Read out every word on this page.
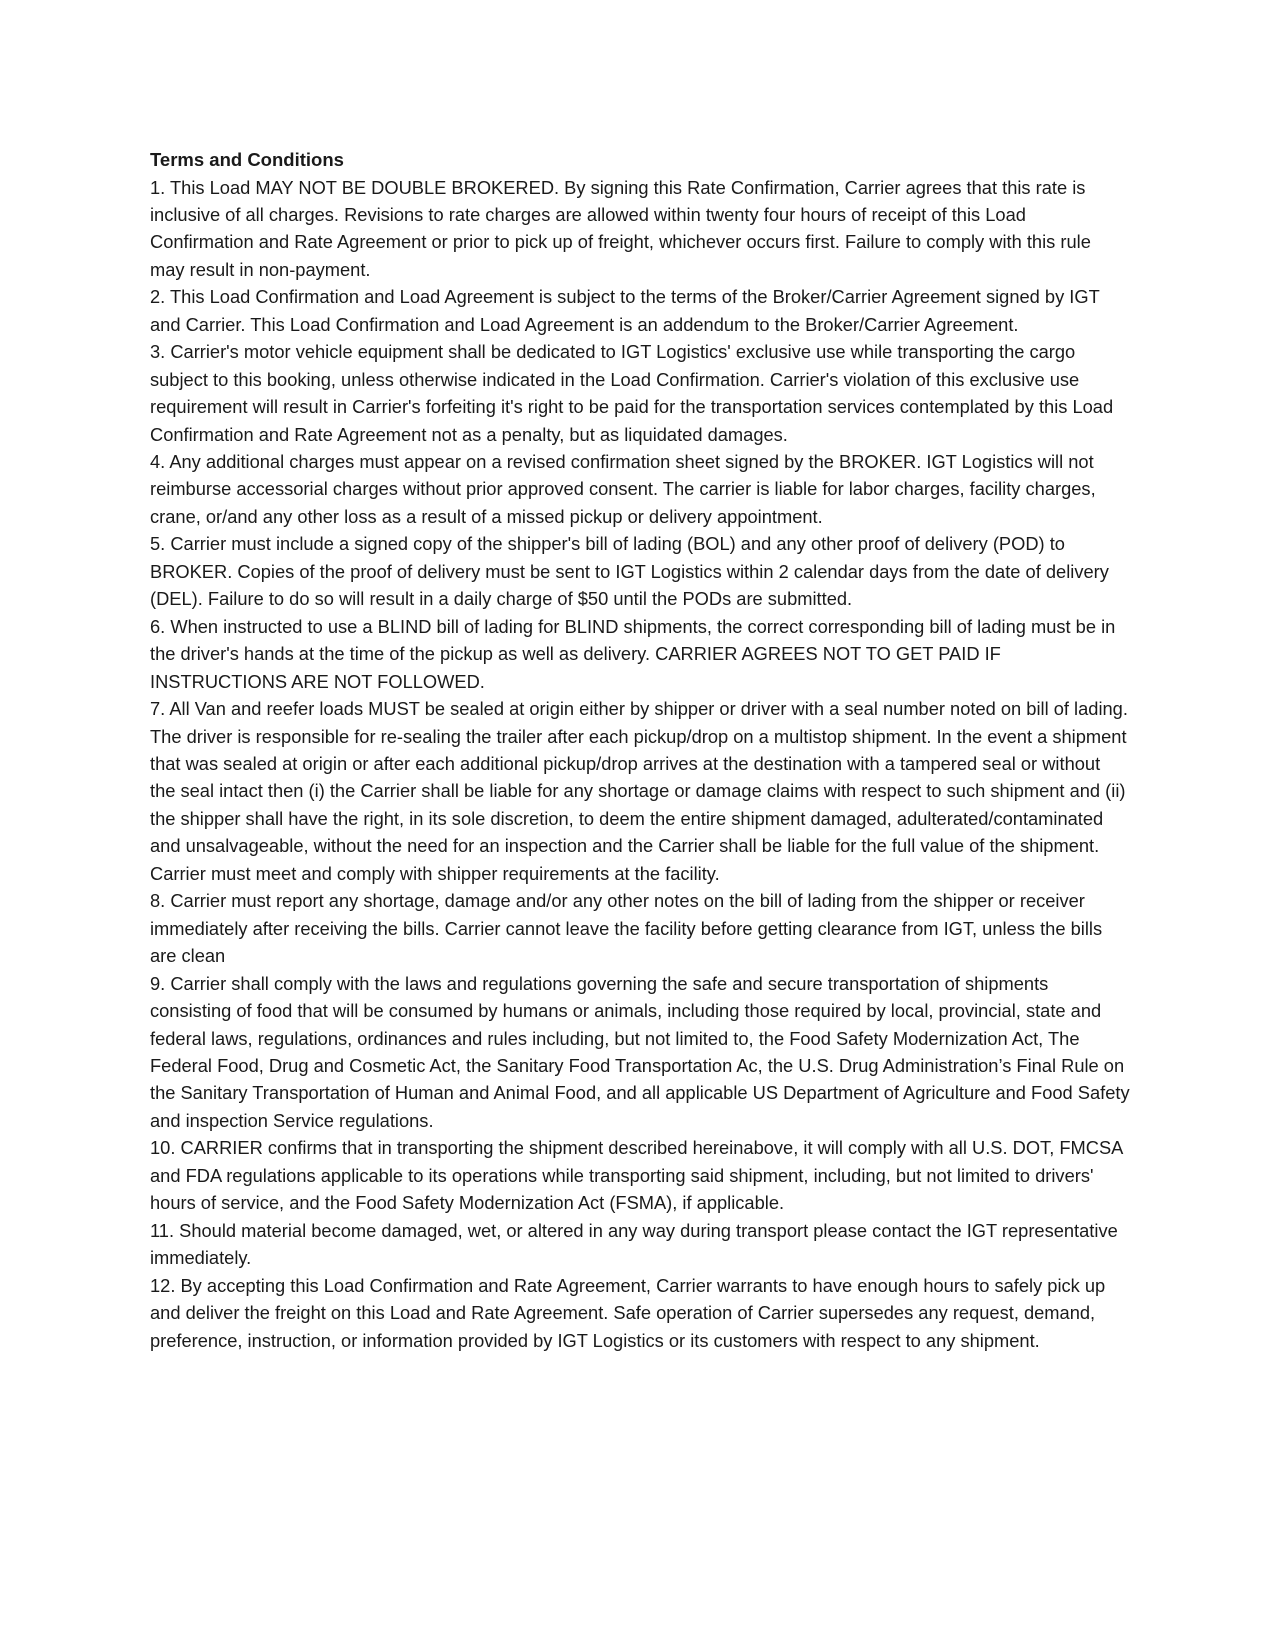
Terms and Conditions

1. This Load MAY NOT BE DOUBLE BROKERED. By signing this Rate Confirmation, Carrier agrees that this rate is inclusive of all charges. Revisions to rate charges are allowed within twenty four hours of receipt of this Load Confirmation and Rate Agreement or prior to pick up of freight, whichever occurs first. Failure to comply with this rule may result in non-payment.

2. This Load Confirmation and Load Agreement is subject to the terms of the Broker/Carrier Agreement signed by IGT and Carrier. This Load Confirmation and Load Agreement is an addendum to the Broker/Carrier Agreement.

3. Carrier's motor vehicle equipment shall be dedicated to IGT Logistics' exclusive use while transporting the cargo subject to this booking, unless otherwise indicated in the Load Confirmation. Carrier's violation of this exclusive use requirement will result in Carrier's forfeiting it's right to be paid for the transportation services contemplated by this Load Confirmation and Rate Agreement not as a penalty, but as liquidated damages.

4. Any additional charges must appear on a revised confirmation sheet signed by the BROKER. IGT Logistics will not reimburse accessorial charges without prior approved consent. The carrier is liable for labor charges, facility charges, crane, or/and any other loss as a result of a missed pickup or delivery appointment.

5. Carrier must include a signed copy of the shipper's bill of lading (BOL) and any other proof of delivery (POD) to BROKER. Copies of the proof of delivery must be sent to IGT Logistics within 2 calendar days from the date of delivery (DEL). Failure to do so will result in a daily charge of $50 until the PODs are submitted.

6. When instructed to use a BLIND bill of lading for BLIND shipments, the correct corresponding bill of lading must be in the driver's hands at the time of the pickup as well as delivery. CARRIER AGREES NOT TO GET PAID IF INSTRUCTIONS ARE NOT FOLLOWED.

7. All Van and reefer loads MUST be sealed at origin either by shipper or driver with a seal number noted on bill of lading. The driver is responsible for re-sealing the trailer after each pickup/drop on a multistop shipment. In the event a shipment that was sealed at origin or after each additional pickup/drop arrives at the destination with a tampered seal or without the seal intact then (i) the Carrier shall be liable for any shortage or damage claims with respect to such shipment and (ii) the shipper shall have the right, in its sole discretion, to deem the entire shipment damaged, adulterated/contaminated and unsalvageable, without the need for an inspection and the Carrier shall be liable for the full value of the shipment. Carrier must meet and comply with shipper requirements at the facility.

8. Carrier must report any shortage, damage and/or any other notes on the bill of lading from the shipper or receiver immediately after receiving the bills. Carrier cannot leave the facility before getting clearance from IGT, unless the bills are clean

9. Carrier shall comply with the laws and regulations governing the safe and secure transportation of shipments consisting of food that will be consumed by humans or animals, including those required by local, provincial, state and federal laws, regulations, ordinances and rules including, but not limited to, the Food Safety Modernization Act, The Federal Food, Drug and Cosmetic Act, the Sanitary Food Transportation Ac, the U.S. Drug Administration’s Final Rule on the Sanitary Transportation of Human and Animal Food, and all applicable US Department of Agriculture and Food Safety and inspection Service regulations.

10. CARRIER confirms that in transporting the shipment described hereinabove, it will comply with all U.S. DOT, FMCSA and FDA regulations applicable to its operations while transporting said shipment, including, but not limited to drivers' hours of service, and the Food Safety Modernization Act (FSMA), if applicable.

11. Should material become damaged, wet, or altered in any way during transport please contact the IGT representative immediately.

12. By accepting this Load Confirmation and Rate Agreement, Carrier warrants to have enough hours to safely pick up and deliver the freight on this Load and Rate Agreement. Safe operation of Carrier supersedes any request, demand, preference, instruction, or information provided by IGT Logistics or its customers with respect to any shipment.
